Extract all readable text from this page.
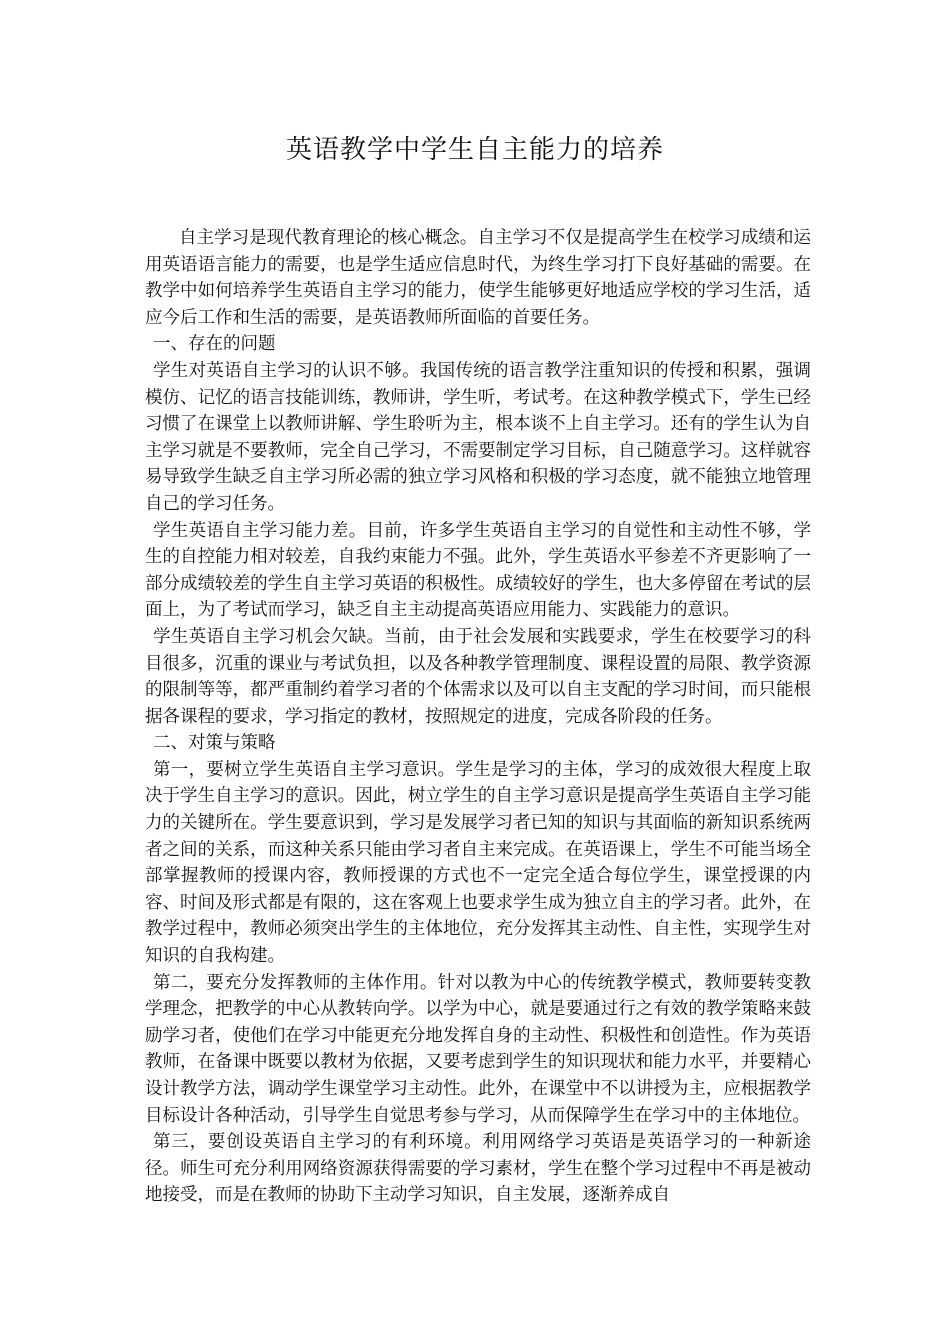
英语教学中学生自主能力的培养

自主学习是现代教育理论的核心概念。自主学习不仅是提高学生在校学习成绩和运用英语语言能力的需要，也是学生适应信息时代，为终生学习打下良好基础的需要。在教学中如何培养学生英语自主学习的能力，使学生能够更好地适应学校的学习生活，适应今后工作和生活的需要，是英语教师所面临的首要任务。

一、存在的问题

学生对英语自主学习的认识不够。我国传统的语言教学注重知识的传授和积累，强调模仿、记忆的语言技能训练，教师讲，学生听，考试考。在这种教学模式下，学生已经习惯了在课堂上以教师讲解、学生聆听为主，根本谈不上自主学习。还有的学生认为自主学习就是不要教师，完全自己学习，不需要制定学习目标，自己随意学习。这样就容易导致学生缺乏自主学习所必需的独立学习风格和积极的学习态度，就不能独立地管理自己的学习任务。

学生英语自主学习能力差。目前，许多学生英语自主学习的自觉性和主动性不够，学生的自控能力相对较差，自我约束能力不强。此外，学生英语水平参差不齐更影响了一部分成绩较差的学生自主学习英语的积极性。成绩较好的学生，也大多停留在考试的层面上，为了考试而学习，缺乏自主主动提高英语应用能力、实践能力的意识。

学生英语自主学习机会欠缺。当前，由于社会发展和实践要求，学生在校要学习的科目很多，沉重的课业与考试负担，以及各种教学管理制度、课程设置的局限、教学资源的限制等等，都严重制约着学习者的个体需求以及可以自主支配的学习时间，而只能根据各课程的要求，学习指定的教材，按照规定的进度，完成各阶段的任务。

二、对策与策略

第一，要树立学生英语自主学习意识。学生是学习的主体，学习的成效很大程度上取决于学生自主学习的意识。因此，树立学生的自主学习意识是提高学生英语自主学习能力的关键所在。学生要意识到，学习是发展学习者已知的知识与其面临的新知识系统两者之间的关系，而这种关系只能由学习者自主来完成。在英语课上，学生不可能当场全部掌握教师的授课内容，教师授课的方式也不一定完全适合每位学生，课堂授课的内容、时间及形式都是有限的，这在客观上也要求学生成为独立自主的学习者。此外，在教学过程中，教师必须突出学生的主体地位，充分发挥其主动性、自主性，实现学生对知识的自我构建。

第二，要充分发挥教师的主体作用。针对以教为中心的传统教学模式，教师要转变教学理念，把教学的中心从教转向学。以学为中心，就是要通过行之有效的教学策略来鼓励学习者，使他们在学习中能更充分地发挥自身的主动性、积极性和创造性。作为英语教师，在备课中既要以教材为依据，又要考虑到学生的知识现状和能力水平，并要精心设计教学方法，调动学生课堂学习主动性。此外，在课堂中不以讲授为主，应根据教学目标设计各种活动，引导学生自觉思考参与学习，从而保障学生在学习中的主体地位。

第三，要创设英语自主学习的有利环境。利用网络学习英语是英语学习的一种新途径。师生可充分利用网络资源获得需要的学习素材，学生在整个学习过程中不再是被动地接受，而是在教师的协助下主动学习知识，自主发展，逐渐养成自
